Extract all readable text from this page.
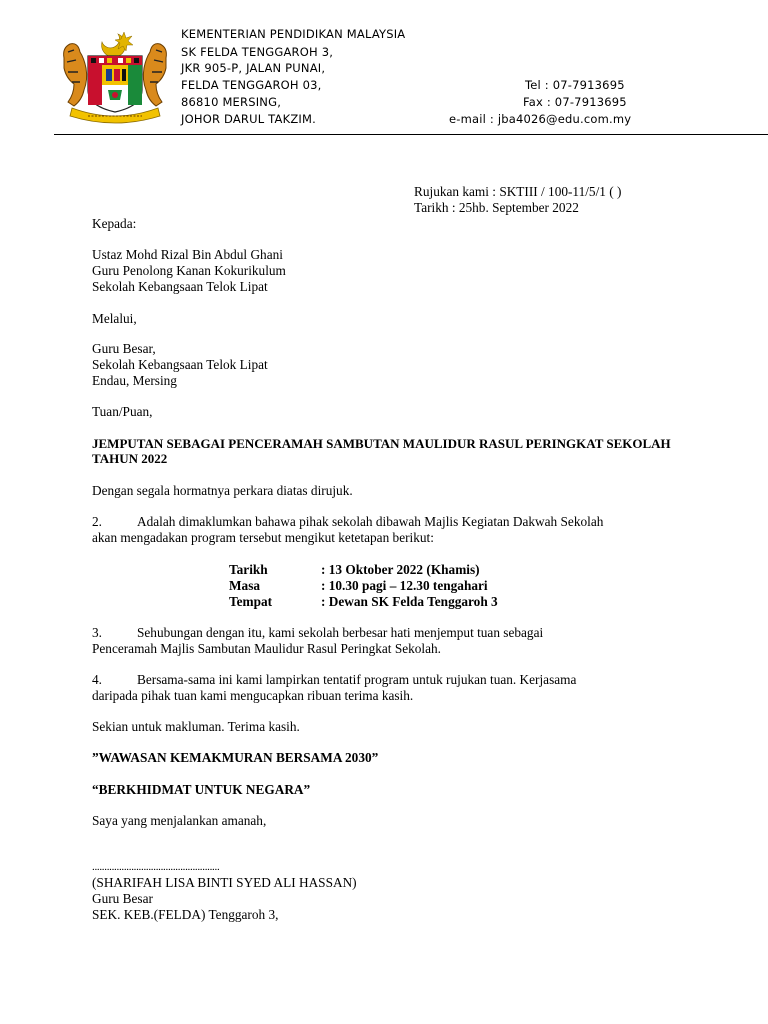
KEMENTERIAN PENDIDIKAN MALAYSIA
SK FELDA TENGGAROH 3,
JKR 905-P, JALAN PUNAI,
FELDA TENGGAROH 03,
86810 MERSING,
JOHOR DARUL TAKZIM.
Tel : 07-7913695
Fax : 07-7913695
e-mail : jba4026@edu.com.my
Rujukan kami : SKTIII / 100-11/5/1 ( )
Tarikh : 25hb. September 2022
Kepada:
Ustaz Mohd Rizal Bin Abdul Ghani
Guru Penolong Kanan Kokurikulum
Sekolah Kebangsaan Telok Lipat
Melalui,
Guru Besar,
Sekolah Kebangsaan Telok Lipat
Endau, Mersing
Tuan/Puan,
JEMPUTAN SEBAGAI PENCERAMAH SAMBUTAN MAULIDUR RASUL PERINGKAT SEKOLAH
TAHUN 2022
Dengan segala hormatnya perkara diatas dirujuk.
2.	Adalah dimaklumkan bahawa pihak sekolah dibawah Majlis Kegiatan Dakwah Sekolah
akan mengadakan program tersebut mengikut ketetapan berikut:
Tarikh	: 13 Oktober 2022 (Khamis)
Masa	: 10.30 pagi – 12.30 tengahari
Tempat	: Dewan SK Felda Tenggaroh 3
3.	Sehubungan dengan itu, kami sekolah berbesar hati menjemput tuan sebagai
Penceramah Majlis Sambutan Maulidur Rasul Peringkat Sekolah.
4.	Bersama-sama ini kami lampirkan tentatif program untuk rujukan tuan. Kerjasama
daripada pihak tuan kami mengucapkan ribuan terima kasih.
Sekian untuk makluman. Terima kasih.
”WAWASAN KEMAKMURAN BERSAMA 2030”
“BERKHIDMAT UNTUK NEGARA”
Saya yang menjalankan amanah,
....................................................
(SHARIFAH LISA BINTI SYED ALI HASSAN)
Guru Besar
SEK. KEB.(FELDA) Tenggaroh 3,
